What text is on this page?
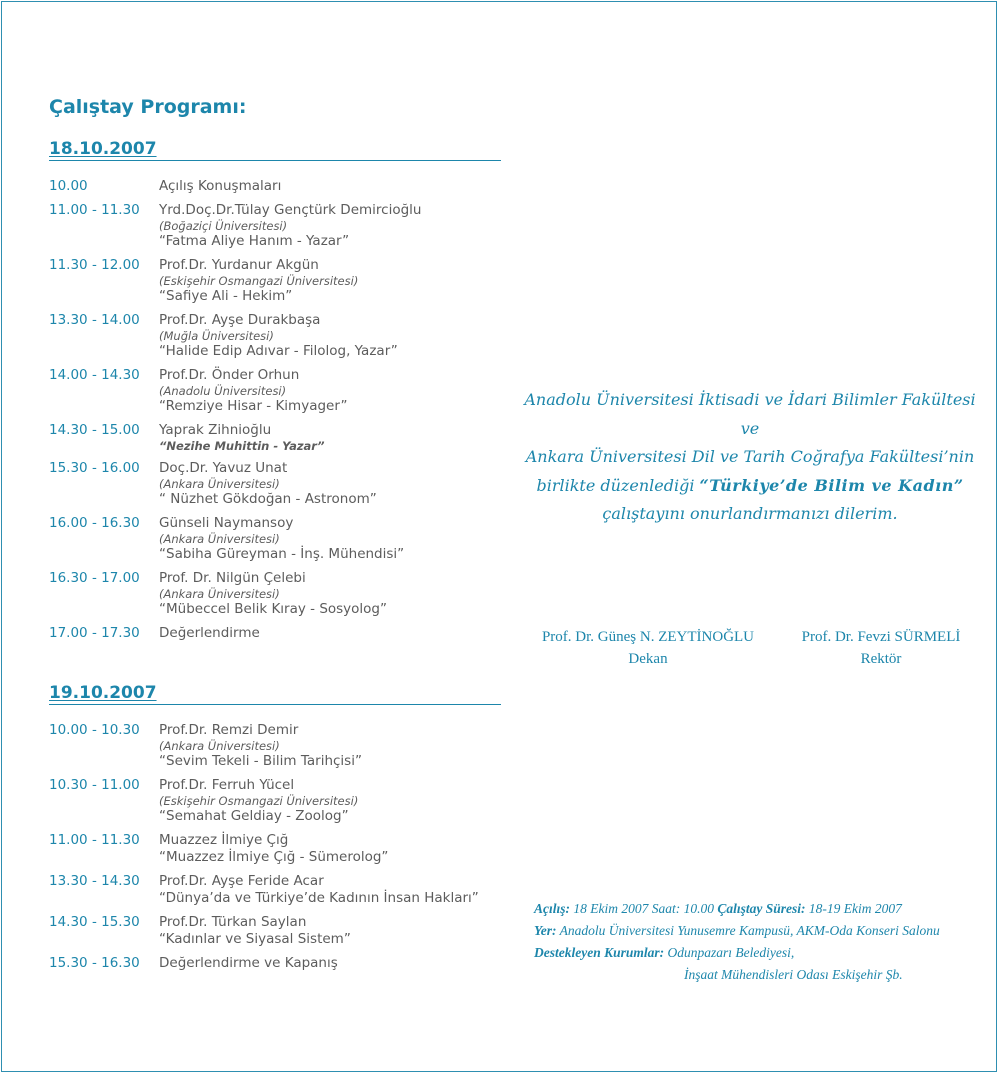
Çalıştay Programı:
18.10.2007
10.00	Açılış Konuşmaları
11.00 - 11.30	Yrd.Doç.Dr.Tülay Gençtürk Demircioğlu
(Boğaziçi Üniversitesi)
“Fatma Aliye Hanım - Yazar”
11.30 - 12.00	Prof.Dr. Yurdanur Akgün
(Eskişehir Osmangazi Üniversitesi)
“Safiye Ali - Hekim”
13.30 - 14.00	Prof.Dr. Ayşe Durakbaşa
(Muğla Üniversitesi)
“Halide Edip Adıvar - Filolog, Yazar”
14.00 - 14.30	Prof.Dr. Önder Orhun
(Anadolu Üniversitesi)
“Remziye Hisar - Kimyager”
14.30 - 15.00	Yaprak Zihnioğlu
“Nezihe Muhittin - Yazar”
15.30 - 16.00	Doç.Dr. Yavuz Unat
(Ankara Üniversitesi)
“ Nüzhet Gökdoğan - Astronom”
16.00 - 16.30	Günseli Naymansoy
(Ankara Üniversitesi)
“Sabiha Güreyman - İnş. Mühendisi”
16.30 - 17.00	Prof. Dr. Nilgün Çelebi
(Ankara Üniversitesi)
“Mübeccel Belik Kıray - Sosyolog”
17.00 - 17.30	Değerlendirme
19.10.2007
10.00 - 10.30	Prof.Dr. Remzi Demir
(Ankara Üniversitesi)
“Sevim Tekeli - Bilim Tarihçisi”
10.30 - 11.00	Prof.Dr. Ferruh Yücel
(Eskişehir Osmangazi Üniversitesi)
“Semahat Geldiay - Zoolog”
11.00 - 11.30	Muazzez İlmiye Çığ
“Muazzez İlmiye Çığ - Sümerolog”
13.30 - 14.30	Prof.Dr. Ayşe Feride Acar
“Dünya’da ve Türkiye’de Kadının İnsan Hakları”
14.30 - 15.30	Prof.Dr. Türkan Saylan
“Kadınlar ve Siyasal Sistem”
15.30 - 16.30	Değerlendirme ve Kapanış
Anadolu Üniversitesi İktisadi ve İdari Bilimler Fakültesi
ve
Ankara Üniversitesi Dil ve Tarih Coğrafya Fakültesi’nin
birlikte düzenlediği “Türkiye’de Bilim ve Kadın”
çalıştayını onurlandırmanızı dilerim.
Prof. Dr. Güneş N. ZEYTİNOĞLU
Dekan
Prof. Dr. Fevzi SÜRMELİ
Rektör
Açılış: 18 Ekim 2007 Saat: 10.00 Çalıştay Süresi: 18-19 Ekim 2007
Yer: Anadolu Üniversitesi Yunusemre Kampusü, AKM-Oda Konseri Salonu
Destekleyen Kurumlar: Odunpazarı Belediyesi,
İnşaat Mühendisleri Odası Eskişehir Şb.
